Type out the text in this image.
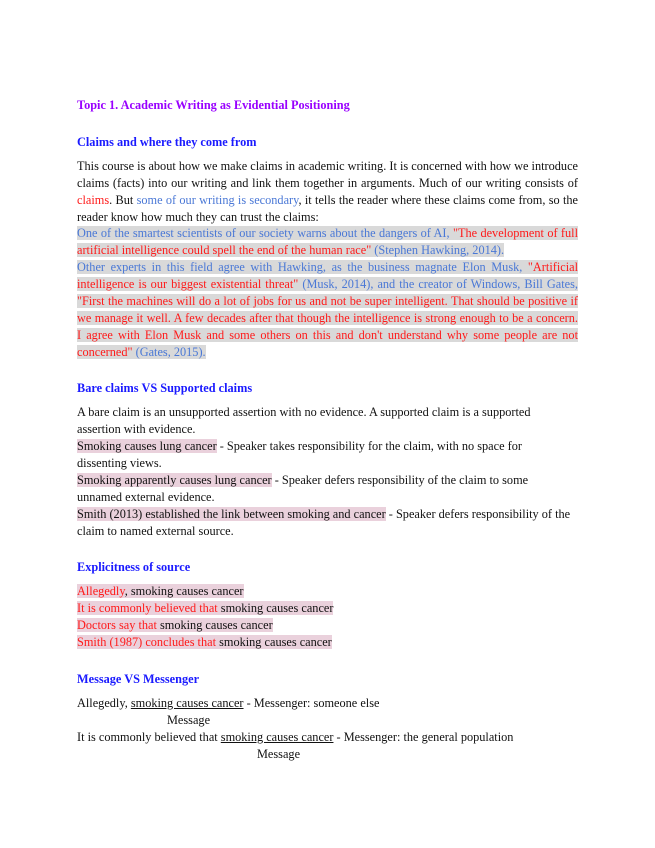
Topic 1. Academic Writing as Evidential Positioning
Claims and where they come from
This course is about how we make claims in academic writing. It is concerned with how we introduce claims (facts) into our writing and link them together in arguments. Much of our writing consists of claims. But some of our writing is secondary, it tells the reader where these claims come from, so the reader know how much they can trust the claims:
One of the smartest scientists of our society warns about the dangers of AI, "The development of full artificial intelligence could spell the end of the human race" (Stephen Hawking, 2014).
Other experts in this field agree with Hawking, as the business magnate Elon Musk, "Artificial intelligence is our biggest existential threat" (Musk, 2014), and the creator of Windows, Bill Gates, "First the machines will do a lot of jobs for us and not be super intelligent. That should be positive if we manage it well. A few decades after that though the intelligence is strong enough to be a concern. I agree with Elon Musk and some others on this and don't understand why some people are not concerned" (Gates, 2015).
Bare claims VS Supported claims
A bare claim is an unsupported assertion with no evidence. A supported claim is a supported assertion with evidence.
Smoking causes lung cancer - Speaker takes responsibility for the claim, with no space for dissenting views.
Smoking apparently causes lung cancer - Speaker defers responsibility of the claim to some unnamed external evidence.
Smith (2013) established the link between smoking and cancer - Speaker defers responsibility of the claim to named external source.
Explicitness of source
Allegedly, smoking causes cancer
It is commonly believed that smoking causes cancer
Doctors say that smoking causes cancer
Smith (1987) concludes that smoking causes cancer
Message VS Messenger
Allegedly, smoking causes cancer - Messenger: someone else
Message
It is commonly believed that smoking causes cancer - Messenger: the general population
Message
